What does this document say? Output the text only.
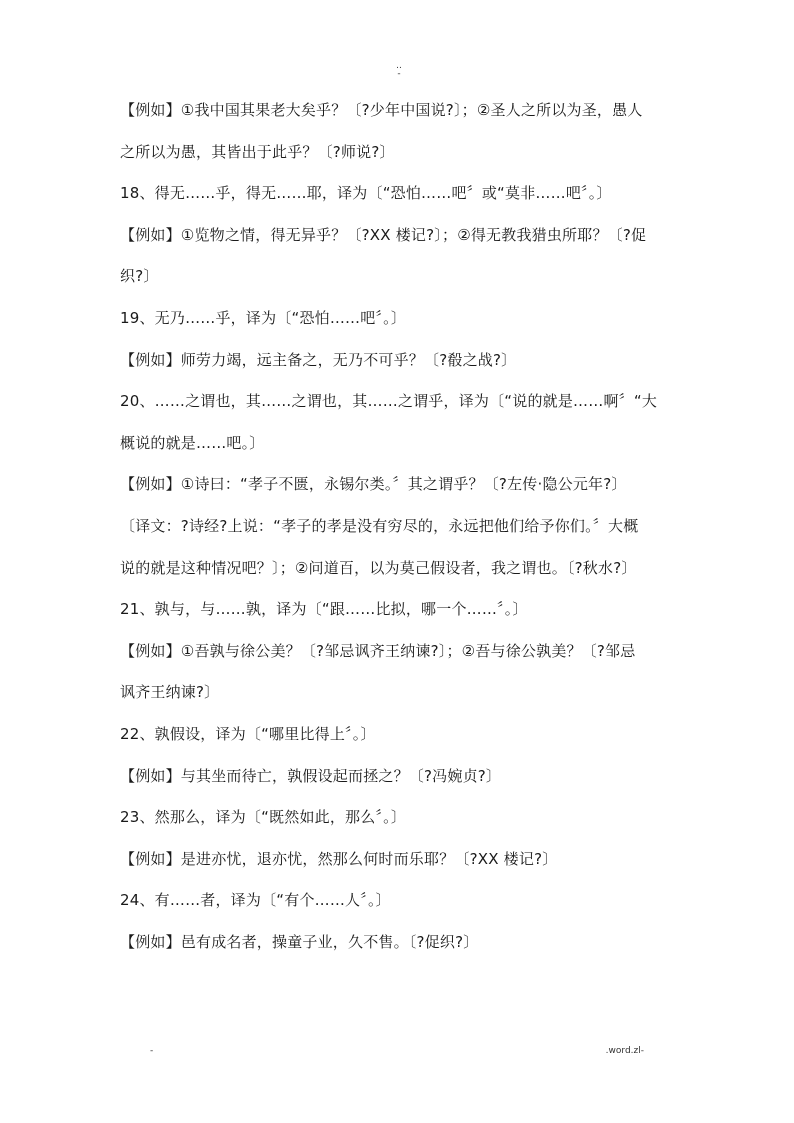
..
-
【例如】①我中国其果老大矣乎？〔?少年中国说?〕；②圣人之所以为圣，愚人
之所以为愚，其皆出于此乎？〔?师说?〕
18、得无……乎，得无……耶，译为〔“恐怕……吧〞或“莫非……吧〞。〕
【例如】①览物之情，得无异乎？〔?XX 楼记?〕；②得无教我猎虫所耶？〔?促
织?〕
19、无乃……乎，译为〔“恐怕……吧〞。〕
【例如】师劳力竭，远主备之，无乃不可乎？〔?殽之战?〕
20、……之谓也，其……之谓也，其……之谓乎，译为〔“说的就是……啊〞“大
概说的就是……吧。〕
【例如】①诗曰：“孝子不匮，永锡尔类。〞其之谓乎？〔?左传·隐公元年?〕
〔译文：?诗经?上说：“孝子的孝是没有穷尽的，永远把他们给予你们。〞大概
说的就是这种情况吧？〕；②问道百，以为莫己假设者，我之谓也。〔?秋水?〕
21、孰与，与……孰，译为〔“跟……比拟，哪一个……〞。〕
【例如】①吾孰与徐公美？〔?邹忌讽齐王纳谏?〕；②吾与徐公孰美？〔?邹忌
讽齐王纳谏?〕
22、孰假设，译为〔“哪里比得上〞。〕
【例如】与其坐而待亡，孰假设起而拯之？〔?冯婉贞?〕
23、然那么，译为〔“既然如此，那么〞。〕
【例如】是进亦忧，退亦忧，然那么何时而乐耶？〔?XX 楼记?〕
24、有……者，译为〔“有个……人〞。〕
【例如】邑有成名者，操童子业，久不售。〔?促织?〕
-	.word.zl-
